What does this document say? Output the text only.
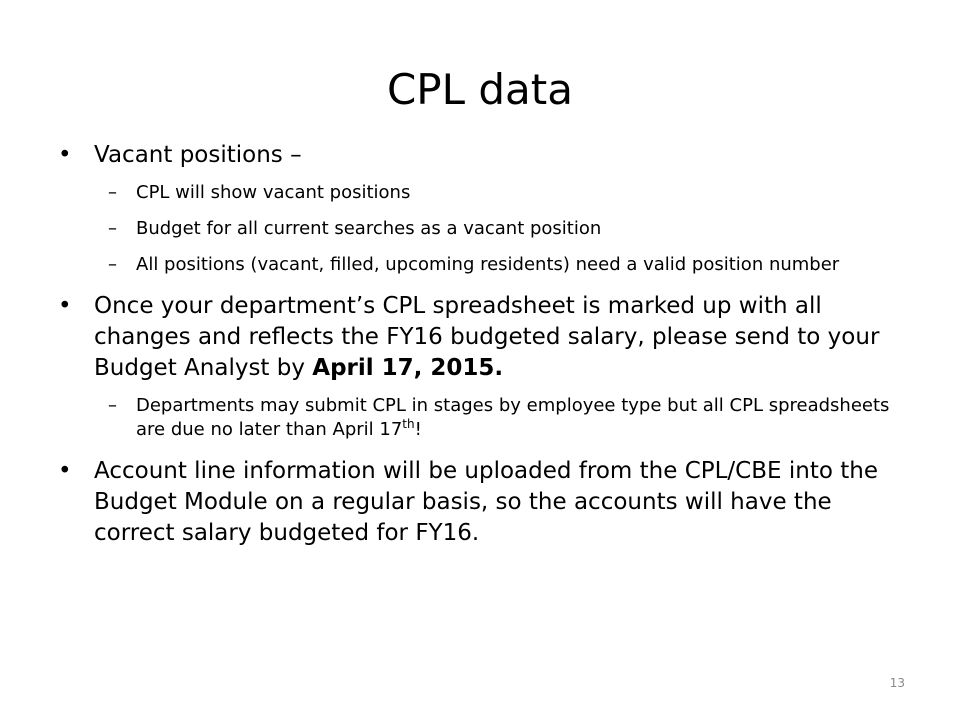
CPL data
• Vacant positions –
– CPL will show vacant positions
– Budget for all current searches as a vacant position
– All positions (vacant, filled, upcoming residents) need a valid position number
• Once your department’s CPL spreadsheet is marked up with all changes and reflects the FY16 budgeted salary, please send to your Budget Analyst by April 17, 2015.
– Departments may submit CPL in stages by employee type but all CPL spreadsheets are due no later than April 17th!
• Account line information will be uploaded from the CPL/CBE into the Budget Module on a regular basis, so the accounts will have the correct salary budgeted for FY16.
13
